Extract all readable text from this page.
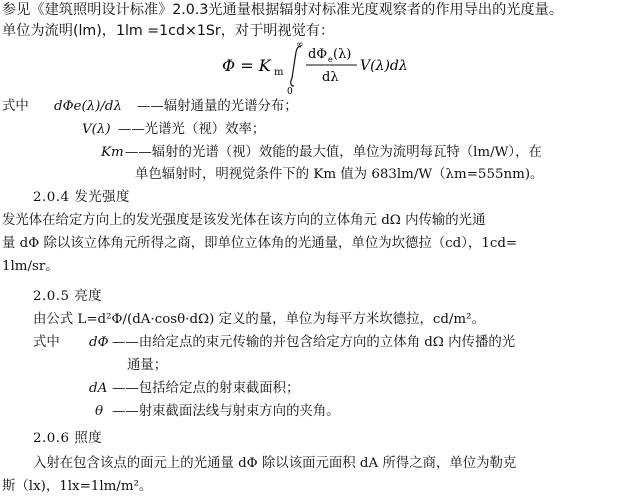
参见《建筑照明设计标准》2.0.3光通量根据辐射对标准光度观察者的作用导出的光度量。
单位为流明(lm)，1lm =1cd×1Sr，对于明视觉有：
Φ = K m
∞
0
dΦ e (λ)
dλ
V(λ)dλ
式中 dΦe(λ)/dλ ——辐射通量的光谱分布；
V(λ) ——光谱光（视）效率；
Km ——辐射的光谱（视）效能的最大值，单位为流明每瓦特（lm/W），在
单色辐射时，明视觉条件下的 Km 值为 683lm/W（λm=555nm)。
2.0.4 发光强度
发光体在给定方向上的发光强度是该发光体在该方向的立体角元 dΩ 内传输的光通
量 dΦ 除以该立体角元所得之商，即单位立体角的光通量，单位为坎德拉（cd），1cd=
1lm/sr。
2.0.5 亮度
由公式 L=d²Φ/(dA·cosθ·dΩ) 定义的量，单位为每平方米坎德拉，cd/m²。
式中 dΦ ——由给定点的束元传输的并包含给定方向的立体角 dΩ 内传播的光
通量；
dA ——包括给定点的射束截面积；
θ ——射束截面法线与射束方向的夹角。
2.0.6 照度
入射在包含该点的面元上的光通量 dΦ 除以该面元面积 dA 所得之商，单位为勒克
斯（lx)，1lx=1lm/m²。
